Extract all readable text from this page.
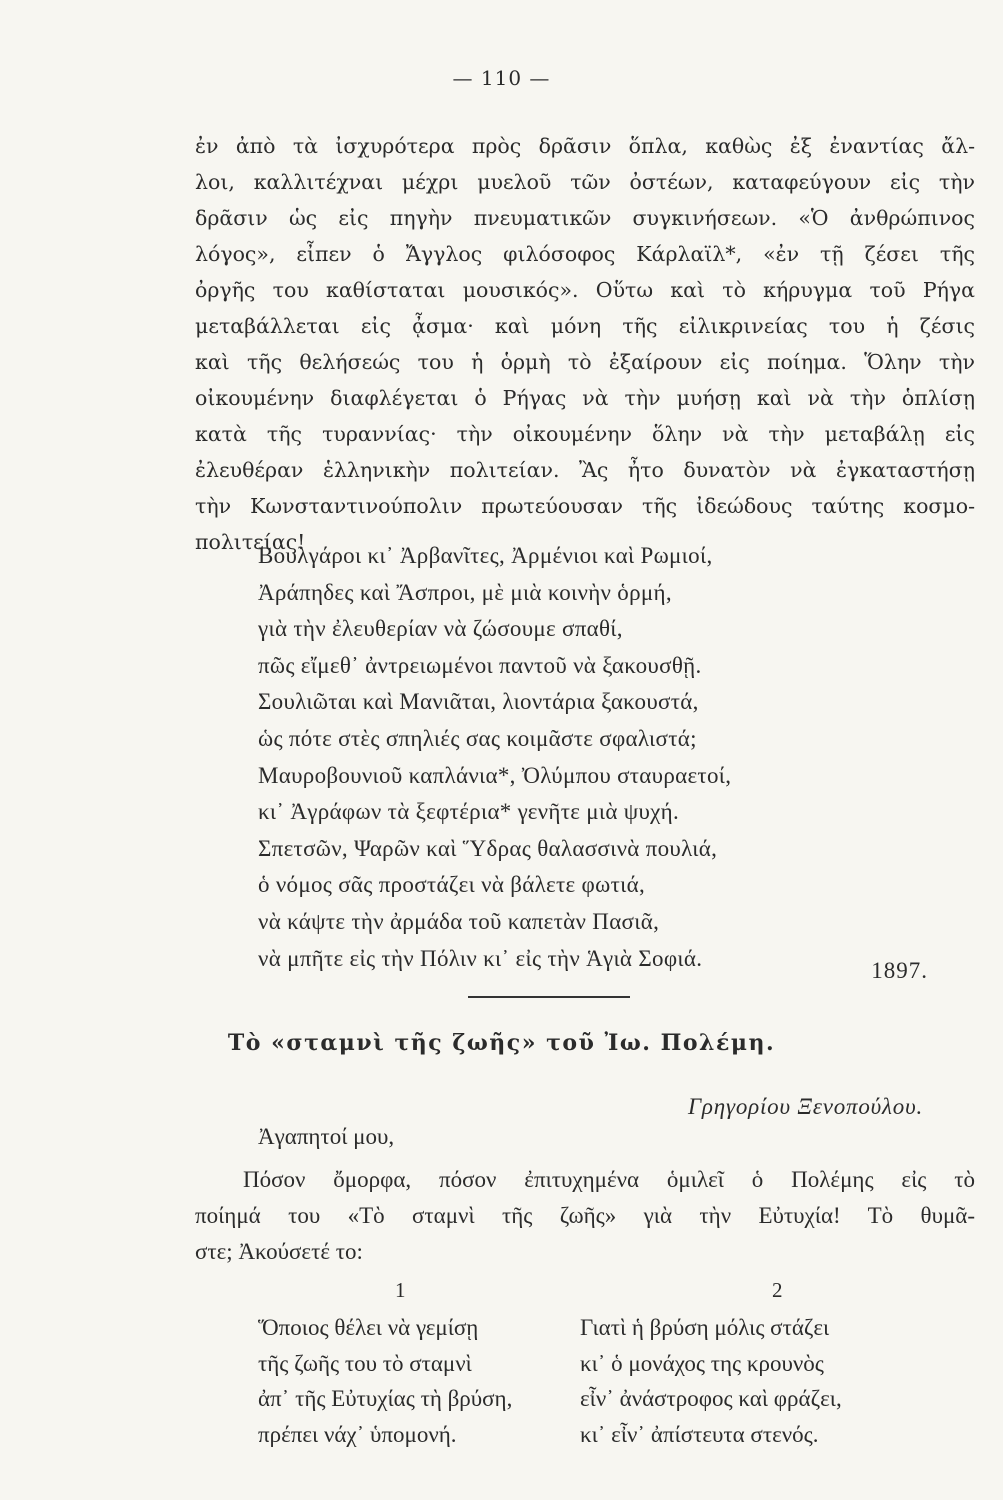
— 110 —
ἐν ἀπὸ τὰ ἰσχυρότερα πρὸς δρᾶσιν ὅπλα, καθὼς ἐξ ἐναντίας ἄλ-
λοι, καλλιτέχναι μέχρι μυελοῦ τῶν ὀστέων, καταφεύγουν εἰς τὴν
δρᾶσιν ὡς εἰς πηγὴν πνευματικῶν συγκινήσεων. «Ὁ ἀνθρώπινος
λόγος», εἶπεν ὁ Ἄγγλος φιλόσοφος Κάρλαϊλ*, «ἐν τῇ ζέσει τῆς
ὀργῆς του καθίσταται μουσικός». Οὕτω καὶ τὸ κήρυγμα τοῦ Ρήγα
μεταβάλλεται εἰς ᾆσμα· καὶ μόνη τῆς εἰλικρινείας του ἡ ζέσις
καὶ τῆς θελήσεώς του ἡ ὁρμὴ τὸ ἐξαίρουν εἰς ποίημα. Ὅλην τὴν
οἰκουμένην διαφλέγεται ὁ Ρήγας νὰ τὴν μυήσῃ καὶ νὰ τὴν ὁπλίσῃ
κατὰ τῆς τυραννίας· τὴν οἰκουμένην ὅλην νὰ τὴν μεταβάλῃ εἰς
ἐλευθέραν ἑλληνικὴν πολιτείαν. Ἂς ἦτο δυνατὸν νὰ ἐγκαταστήσῃ
τὴν Κωνσταντινούπολιν πρωτεύουσαν τῆς ἰδεώδους ταύτης κοσμο-
πολιτείας!
Βουλγάροι κι᾿ Ἀρβανῖτες, Ἀρμένιοι καὶ Ρωμιοί,
Ἀράπηδες καὶ Ἄσπροι, μὲ μιὰ κοινὴν ὁρμή,
γιὰ τὴν ἐλευθερίαν νὰ ζώσουμε σπαθί,
πῶς εἴμεθ᾿ ἀντρειωμένοι παντοῦ νὰ ξακουσθῇ.
Σουλιῶται καὶ Μανιᾶται, λιοντάρια ξακουστά,
ὡς πότε στὲς σπηλιές σας κοιμᾶστε σφαλιστά;
Μαυροβουνιοῦ καπλάνια*, Ὀλύμπου σταυραετοί,
κι᾿ Ἀγράφων τὰ ξεφτέρια* γενῆτε μιὰ ψυχή.
Σπετσῶν, Ψαρῶν καὶ Ὕδρας θαλασσινὰ πουλιά,
ὁ νόμος σᾶς προστάζει νὰ βάλετε φωτιά,
νὰ κάψτε τὴν ἀρμάδα τοῦ καπετὰν Πασιᾶ,
νὰ μπῆτε εἰς τὴν Πόλιν κι᾿ εἰς τὴν Ἁγιὰ Σοφιά.	1897.
Τὸ «σταμνὶ τῆς ζωῆς» τοῦ Ἰω. Πολέμη.
Γρηγορίου Ξενοπούλου.
Ἀγαπητοί μου,
Πόσον ὄμορφα, πόσον ἐπιτυχημένα ὁμιλεῖ ὁ Πολέμης εἰς τὸ
ποίημά του «Τὸ σταμνὶ τῆς ζωῆς» γιὰ τὴν Εὐτυχία! Τὸ θυμᾶ-
στε; Ἀκούσετέ το:
1
Ὅποιος θέλει νὰ γεμίσῃ
τῆς ζωῆς του τὸ σταμνὶ
ἀπ᾿ τῆς Εὐτυχίας τὴ βρύση,
πρέπει νάχ᾿ ὑπομονή.
2
Γιατὶ ἡ βρύση μόλις στάζει
κι᾿ ὁ μονάχος της κρουνὸς
εἶν᾿ ἀνάστροφος καὶ φράζει,
κι᾿ εἶν᾿ ἀπίστευτα στενός.
